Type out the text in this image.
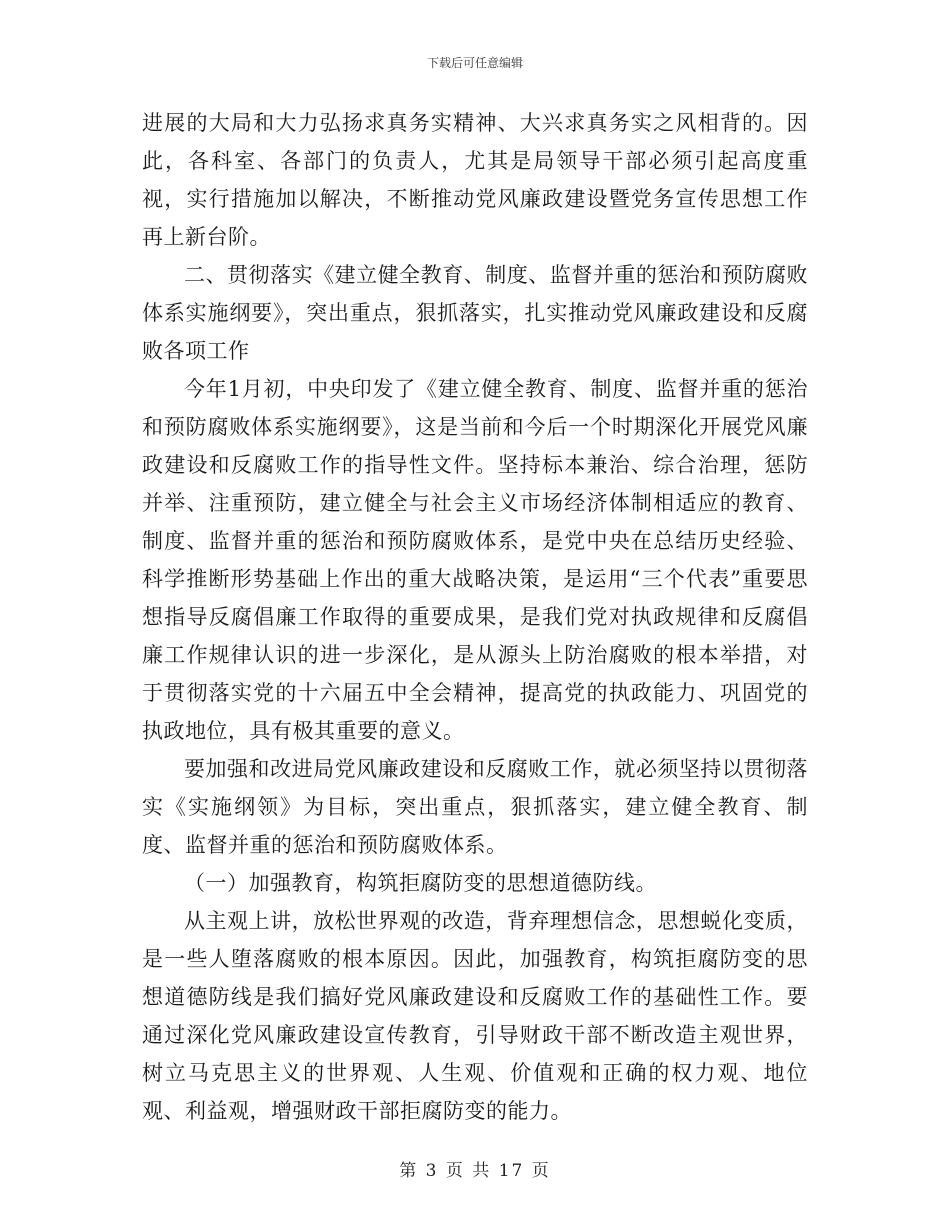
下载后可任意编辑

进展的大局和大力弘扬求真务实精神、大兴求真务实之风相背的。因此，各科室、各部门的负责人，尤其是局领导干部必须引起高度重视，实行措施加以解决，不断推动党风廉政建设暨党务宣传思想工作再上新台阶。

二、贯彻落实《建立健全教育、制度、监督并重的惩治和预防腐败体系实施纲要》，突出重点，狠抓落实，扎实推动党风廉政建设和反腐败各项工作

今年1月初，中央印发了《建立健全教育、制度、监督并重的惩治和预防腐败体系实施纲要》，这是当前和今后一个时期深化开展党风廉政建设和反腐败工作的指导性文件。坚持标本兼治、综合治理，惩防并举、注重预防，建立健全与社会主义市场经济体制相适应的教育、制度、监督并重的惩治和预防腐败体系，是党中央在总结历史经验、科学推断形势基础上作出的重大战略决策，是运用“三个代表”重要思想指导反腐倡廉工作取得的重要成果，是我们党对执政规律和反腐倡廉工作规律认识的进一步深化，是从源头上防治腐败的根本举措，对于贯彻落实党的十六届五中全会精神，提高党的执政能力、巩固党的执政地位，具有极其重要的意义。

要加强和改进局党风廉政建设和反腐败工作，就必须坚持以贯彻落实《实施纲领》为目标，突出重点，狠抓落实，建立健全教育、制度、监督并重的惩治和预防腐败体系。

（一）加强教育，构筑拒腐防变的思想道德防线。

从主观上讲，放松世界观的改造，背弃理想信念，思想蜕化变质，是一些人堕落腐败的根本原因。因此，加强教育，构筑拒腐防变的思想道德防线是我们搞好党风廉政建设和反腐败工作的基础性工作。要通过深化党风廉政建设宣传教育，引导财政干部不断改造主观世界，树立马克思主义的世界观、人生观、价值观和正确的权力观、地位观、利益观，增强财政干部拒腐防变的能力。

第 3 页 共 17 页
